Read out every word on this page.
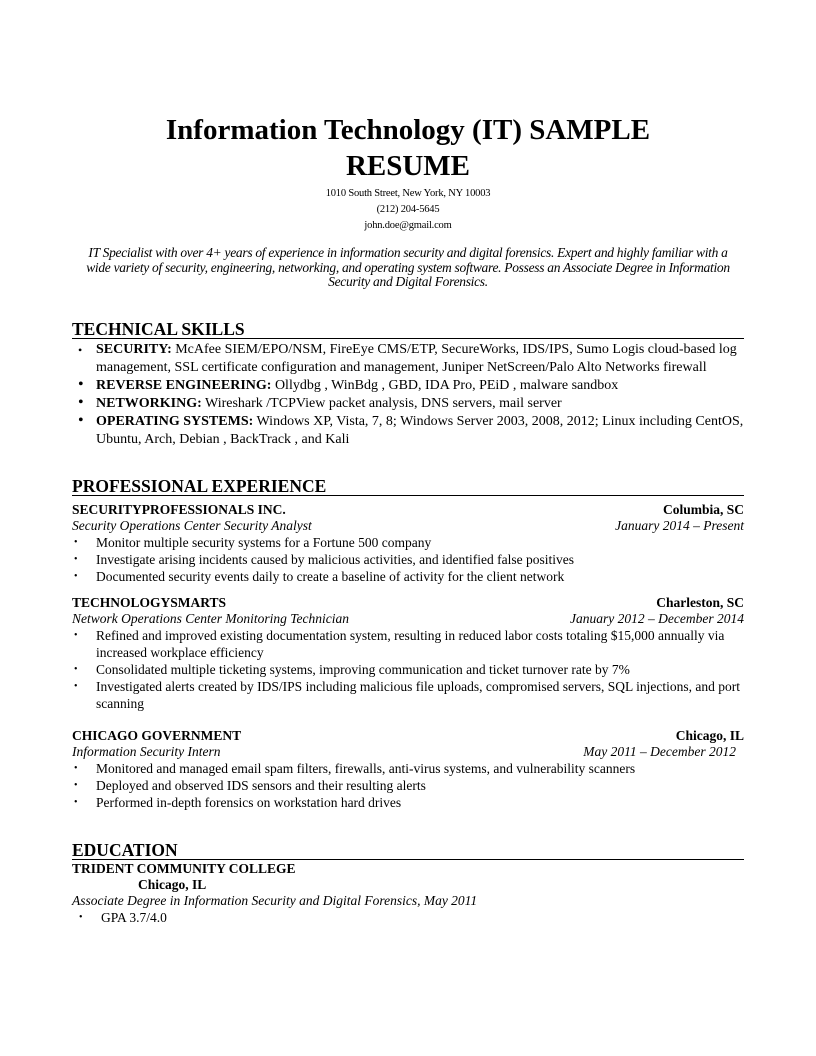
Information Technology (IT) SAMPLE
RESUME
1010 South Street, New York, NY 10003
(212) 204-5645
john.doe@gmail.com
IT Specialist with over 4+ years of experience in information security and digital forensics. Expert and highly familiar with a wide variety of security, engineering, networking, and operating system software. Possess an Associate Degree in Information Security and Digital Forensics.
TECHNICAL SKILLS
• SECURITY: McAfee SIEM/EPO/NSM, FireEye CMS/ETP, SecureWorks, IDS/IPS, Sumo Logis cloud-based log management, SSL certificate configuration and management, Juniper NetScreen/Palo Alto Networks firewall
• REVERSE ENGINEERING: Ollydbg , WinBdg , GBD, IDA Pro, PEiD , malware sandbox
• NETWORKING: Wireshark /TCPView packet analysis, DNS servers, mail server
• OPERATING SYSTEMS: Windows XP, Vista, 7, 8; Windows Server 2003, 2008, 2012; Linux including CentOS, Ubuntu, Arch, Debian , BackTrack , and Kali
PROFESSIONAL EXPERIENCE
SECURITYPROFESSIONALS INC.	Columbia, SC
Security Operations Center Security Analyst	January 2014 – Present
• Monitor multiple security systems for a Fortune 500 company
• Investigate arising incidents caused by malicious activities, and identified false positives
• Documented security events daily to create a baseline of activity for the client network
TECHNOLOGYSMARTS	Charleston, SC
Network Operations Center Monitoring Technician	January 2012 – December 2014
• Refined and improved existing documentation system, resulting in reduced labor costs totaling $15,000 annually via increased workplace efficiency
• Consolidated multiple ticketing systems, improving communication and ticket turnover rate by 7%
• Investigated alerts created by IDS/IPS including malicious file uploads, compromised servers, SQL injections, and port scanning
CHICAGO GOVERNMENT	Chicago, IL
Information Security Intern	May 2011 – December 2012
• Monitored and managed email spam filters, firewalls, anti-virus systems, and vulnerability scanners
• Deployed and observed IDS sensors and their resulting alerts
• Performed in-depth forensics on workstation hard drives
EDUCATION
TRIDENT COMMUNITY COLLEGE
Chicago, IL
Associate Degree in Information Security and Digital Forensics, May 2011
• GPA 3.7/4.0
